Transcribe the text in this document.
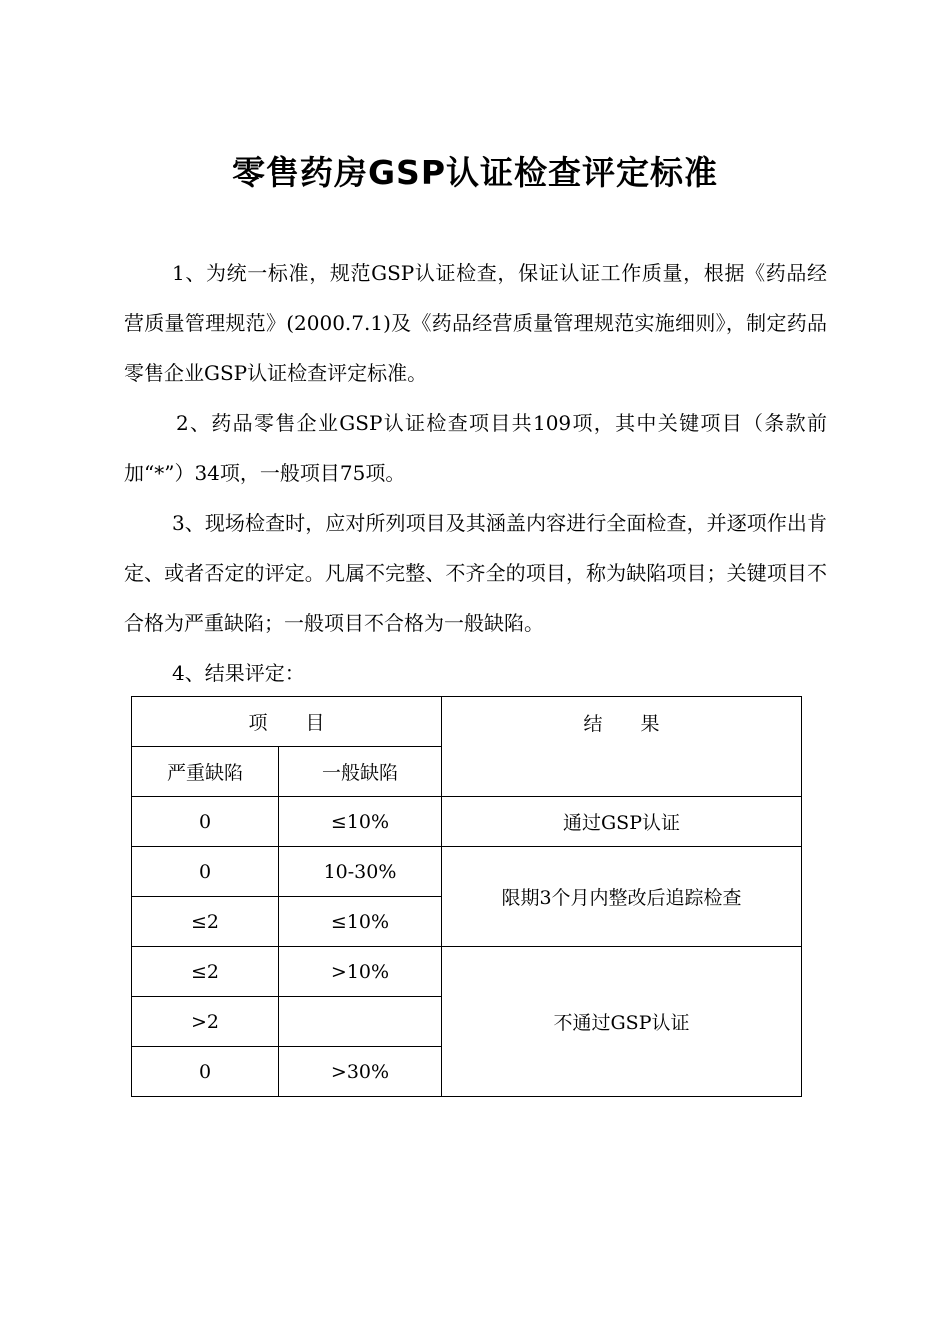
零售药房GSP认证检查评定标准

1、为统一标准，规范GSP认证检查，保证认证工作质量，根据《药品经营质量管理规范》(2000.7.1)及《药品经营质量管理规范实施细则》，制定药品零售企业GSP认证检查评定标准。

2、药品零售企业GSP认证检查项目共109项，其中关键项目（条款前加“*”）34项，一般项目75项。

3、现场检查时，应对所列项目及其涵盖内容进行全面检查，并逐项作出肯定、或者否定的评定。凡属不完整、不齐全的项目，称为缺陷项目；关键项目不合格为严重缺陷；一般项目不合格为一般缺陷。

4、结果评定：

项　　目		结　　果
严重缺陷	一般缺陷	
0	≤10%	通过GSP认证
0	10-30%	限期3个月内整改后追踪检查
≤2	≤10%	
≤2	>10%	不通过GSP认证
>2		
0	>30%	
